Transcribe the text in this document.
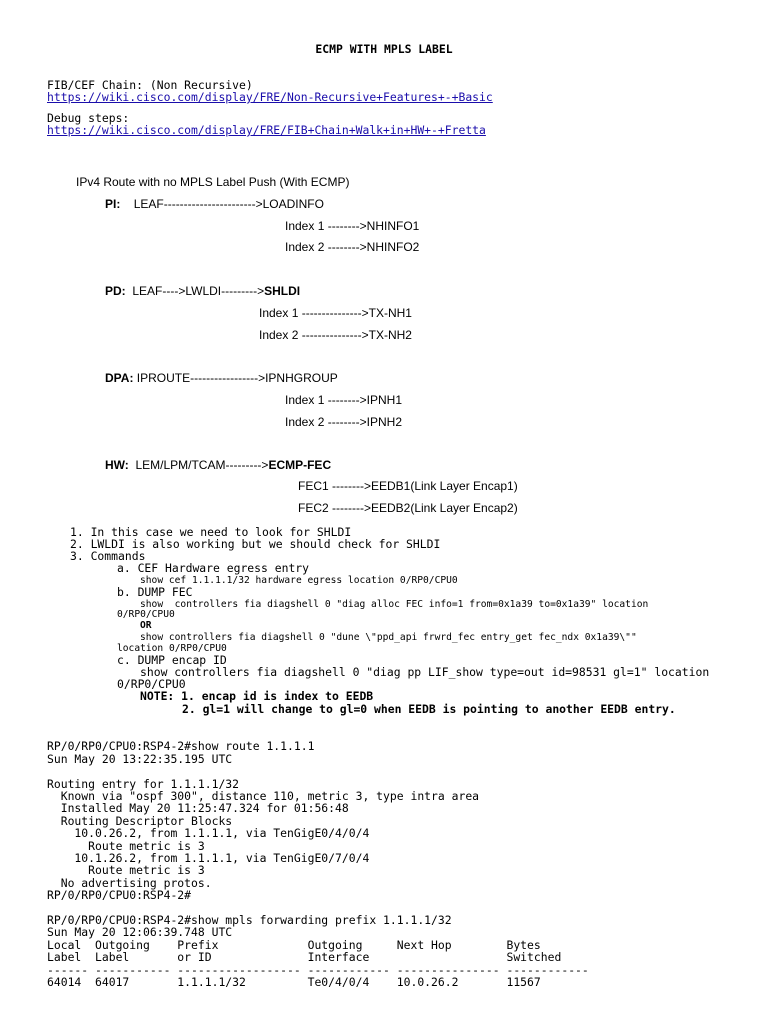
ECMP WITH MPLS LABEL
FIB/CEF Chain: (Non Recursive)
https://wiki.cisco.com/display/FRE/Non-Recursive+Features+-+Basic
Debug steps:
https://wiki.cisco.com/display/FRE/FIB+Chain+Walk+in+HW+-+Fretta
IPv4 Route with no MPLS Label Push (With ECMP)
PI: LEAF----------------------->LOADINFO
Index 1 -------->NHINFO1
Index 2 -------->NHINFO2
PD: LEAF---->LWLDI--------->SHLDI
Index 1 --------------->TX-NH1
Index 2 --------------->TX-NH2
DPA: IPROUTE----------------->IPNHGROUP
Index 1 -------->IPNH1
Index 2 -------->IPNH2
HW: LEM/LPM/TCAM--------->ECMP-FEC
FEC1 -------->EEDB1(Link Layer Encap1)
FEC2 -------->EEDB2(Link Layer Encap2)
1. In this case we need to look for SHLDI
2. LWLDI is also working but we should check for SHLDI
3. Commands
a. CEF Hardware egress entry
show cef 1.1.1.1/32 hardware egress location 0/RP0/CPU0
b. DUMP FEC
show  controllers fia diagshell 0 "diag alloc FEC info=1 from=0x1a39 to=0x1a39" location
0/RP0/CPU0
OR
show controllers fia diagshell 0 "dune \"ppd_api frwrd_fec entry_get fec_ndx 0x1a39\""
location 0/RP0/CPU0
c. DUMP encap ID
show controllers fia diagshell 0 "diag pp LIF_show type=out id=98531 gl=1" location
0/RP0/CPU0
NOTE: 1. encap id is index to EEDB
2. gl=1 will change to gl=0 when EEDB is pointing to another EEDB entry.

RP/0/RP0/CPU0:RSP4-2#show route 1.1.1.1
Sun May 20 13:22:35.195 UTC
Routing entry for 1.1.1.1/32
Known via "ospf 300", distance 110, metric 3, type intra area
Installed May 20 11:25:47.324 for 01:56:48
Routing Descriptor Blocks
10.0.26.2, from 1.1.1.1, via TenGigE0/4/0/4
Route metric is 3
10.1.26.2, from 1.1.1.1, via TenGigE0/7/0/4
Route metric is 3
No advertising protos.
RP/0/RP0/CPU0:RSP4-2#
RP/0/RP0/CPU0:RSP4-2#show mpls forwarding prefix 1.1.1.1/32
Sun May 20 12:06:39.748 UTC
Local  Outgoing    Prefix             Outgoing     Next Hop        Bytes
Label  Label       or ID              Interface                    Switched
------ ----------- ------------------ ------------ --------------- ------------
64014  64017       1.1.1.1/32         Te0/4/0/4    10.0.26.2       11567
